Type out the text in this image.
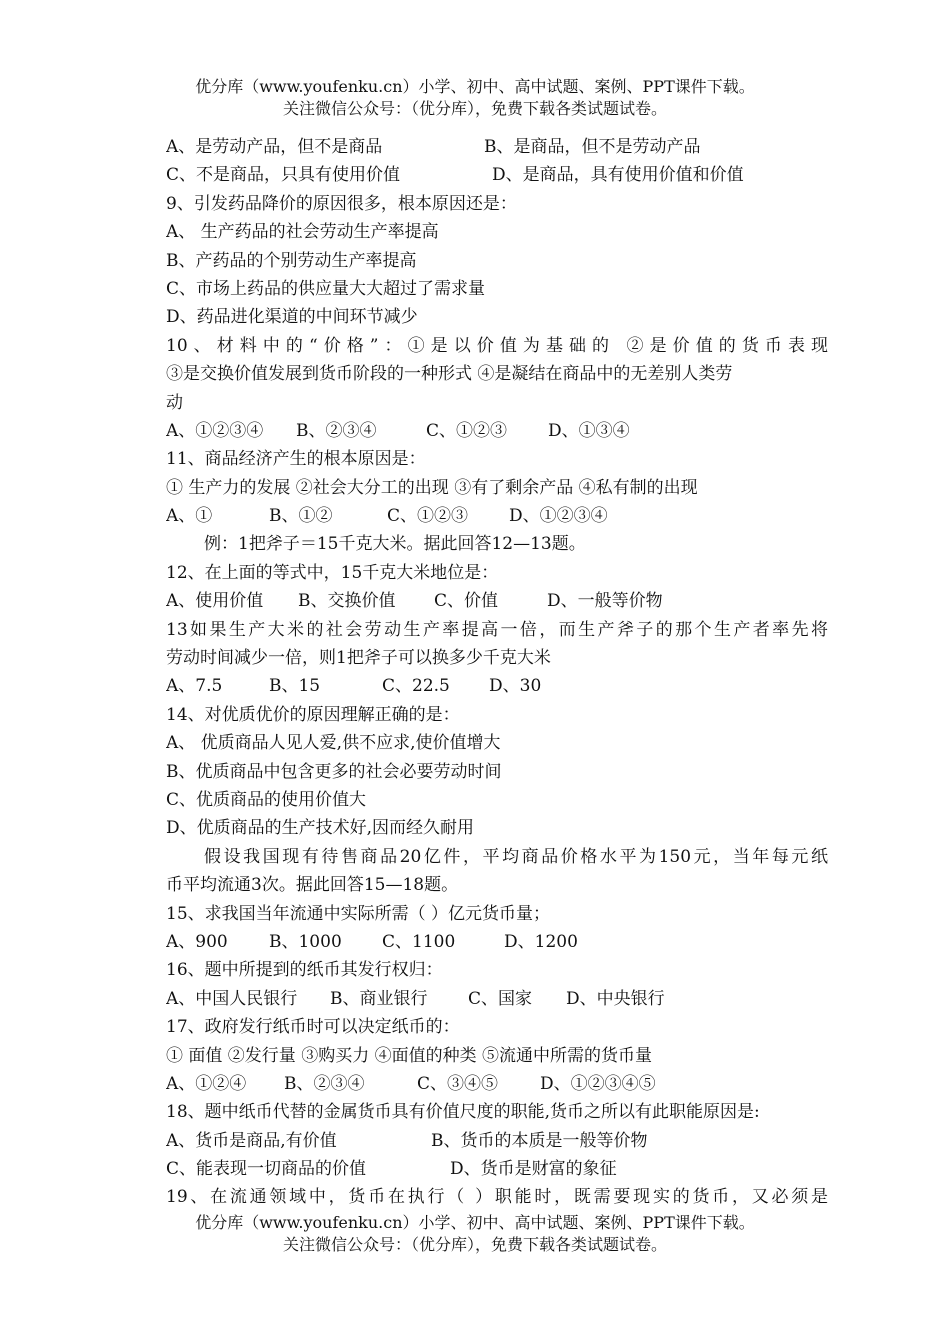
优分库（www.youfenku.cn）小学、初中、高中试题、案例、PPT课件下载。
关注微信公众号：（优分库），免费下载各类试题试卷。
A、是劳动产品，但不是商品	B、是商品，但不是劳动产品
C、不是商品，只具有使用价值	D、是商品，具有使用价值和价值
9、引发药品降价的原因很多，根本原因还是：
A、 生产药品的社会劳动生产率提高
B、产药品的个别劳动生产率提高
C、市场上药品的供应量大大超过了需求量
D、药品进化渠道的中间环节减少
10、材料中的“价格”：①是以价值为基础的 ②是价值的货币表现
③是交换价值发展到货币阶段的一种形式 ④是凝结在商品中的无差别人类劳
动
A、①②③④ B、②③④	C、①②③ D、①③④
11、商品经济产生的根本原因是：
① 生产力的发展 ②社会大分工的出现 ③有了剩余产品 ④私有制的出现
A、①	B、①②	C、①②③ D、①②③④
例：1把斧子＝15千克大米。据此回答12—13题。
12、在上面的等式中，15千克大米地位是：
A、使用价值 B、交换价值 C、价值	D、一般等价物
13如果生产大米的社会劳动生产率提高一倍，而生产斧子的那个生产者率先将
劳动时间减少一倍，则1把斧子可以换多少千克大米
A、7.5	B、15	C、22.5 D、30
14、对优质优价的原因理解正确的是：
A、 优质商品人见人爱,供不应求,使价值增大
B、优质商品中包含更多的社会必要劳动时间
C、优质商品的使用价值大
D、优质商品的生产技术好,因而经久耐用
假设我国现有待售商品20亿件，平均商品价格水平为150元，当年每元纸
币平均流通3次。据此回答15—18题。
15、求我国当年流通中实际所需（ ）亿元货币量；
A、900 B、1000 C、1100	D、1200
16、题中所提到的纸币其发行权归：
A、中国人民银行 B、商业银行 C、国家 D、中央银行
17、政府发行纸币时可以决定纸币的：
① 面值 ②发行量 ③购买力 ④面值的种类 ⑤流通中所需的货币量
A、①②④ B、②③④	C、③④⑤ D、①②③④⑤
18、题中纸币代替的金属货币具有价值尺度的职能,货币之所以有此职能原因是:
A、货币是商品,有价值	B、货币的本质是一般等价物
C、能表现一切商品的价值	D、货币是财富的象征
19、在流通领域中，货币在执行（ ）职能时，既需要现实的货币，又必须是
优分库（www.youfenku.cn）小学、初中、高中试题、案例、PPT课件下载。
关注微信公众号：（优分库），免费下载各类试题试卷。
